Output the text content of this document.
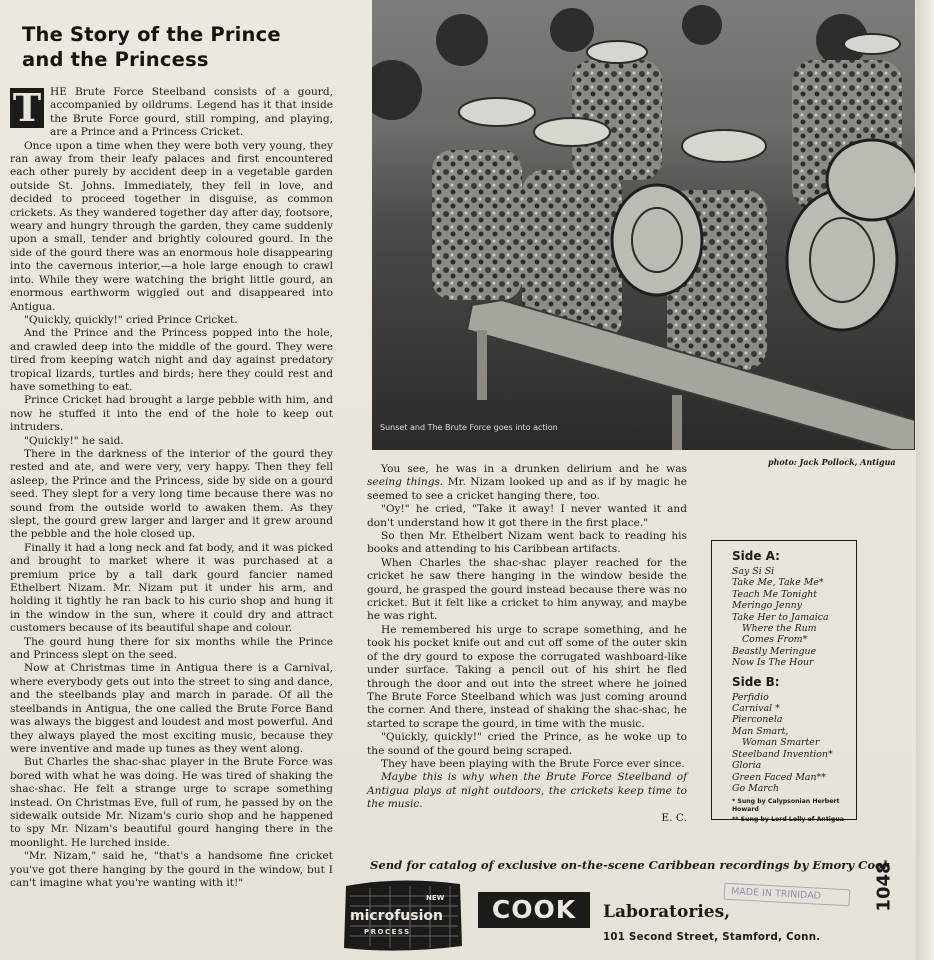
The Story of the Prince
and the Princess

T HE Brute Force Steelband consists of a gourd, accompanied by oildrums. Legend has it that inside the Brute Force gourd, still romping, and playing, are a Prince and a Princess Cricket.

Once upon a time when they were both very young, they ran away from their leafy palaces and first encountered each other purely by accident deep in a vegetable garden outside St. Johns. Immediately, they fell in love, and decided to proceed together in disguise, as common crickets. As they wandered together day after day, footsore, weary and hungry through the garden, they came suddenly upon a small, tender and brightly coloured gourd. In the side of the gourd there was an enormous hole disappearing into the cavernous interior,—a hole large enough to crawl into. While they were watching the bright little gourd, an enormous earthworm wiggled out and disappeared into Antigua.

"Quickly, quickly!" cried Prince Cricket.

And the Prince and the Princess popped into the hole, and crawled deep into the middle of the gourd. They were tired from keeping watch night and day against predatory tropical lizards, turtles and birds; here they could rest and have something to eat.

Prince Cricket had brought a large pebble with him, and now he stuffed it into the end of the hole to keep out intruders.

"Quickly!" he said.

There in the darkness of the interior of the gourd they rested and ate, and were very, very happy. Then they fell asleep, the Prince and the Princess, side by side on a gourd seed. They slept for a very long time because there was no sound from the outside world to awaken them. As they slept, the gourd grew larger and larger and it grew around the pebble and the hole closed up.

Finally it had a long neck and fat body, and it was picked and brought to market where it was purchased at a premium price by a tall dark gourd fancier named Ethelbert Nizam. Mr. Nizam put it under his arm, and holding it tightly he ran back to his curio shop and hung it in the window in the sun, where it could dry and attract customers because of its beautiful shape and colour.

The gourd hung there for six months while the Prince and Princess slept on the seed.

Now at Christmas time in Antigua there is a Carnival, where everybody gets out into the street to sing and dance, and the steelbands play and march in parade. Of all the steelbands in Antigua, the one called the Brute Force Band was always the biggest and loudest and most powerful. And they always played the most exciting music, because they were inventive and made up tunes as they went along.

But Charles the shac-shac player in the Brute Force was bored with what he was doing. He was tired of shaking the shac-shac. He felt a strange urge to scrape something instead. On Christmas Eve, full of rum, he passed by on the sidewalk outside Mr. Nizam's curio shop and he happened to spy Mr. Nizam's beautiful gourd hanging there in the moonlight. He lurched inside.

"Mr. Nizam," said he, "that's a handsome fine cricket you've got there hanging by the gourd in the window, but I can't imagine what you're wanting with it!"

Sunset and The Brute Force goes into action
photo: Jack Pollock, Antigua

You see, he was in a drunken delirium and he was seeing things. Mr. Nizam looked up and as if by magic he seemed to see a cricket hanging there, too.

"Oy!" he cried, "Take it away! I never wanted it and don't understand how it got there in the first place."

So then Mr. Ethelbert Nizam went back to reading his books and attending to his Caribbean artifacts.

When Charles the shac-shac player reached for the cricket he saw there hanging in the window beside the gourd, he grasped the gourd instead because there was no cricket. But it felt like a cricket to him anyway, and maybe he was right.

He remembered his urge to scrape something, and he took his pocket knife out and cut off some of the outer skin of the dry gourd to expose the corrugated washboard-like under surface. Taking a pencil out of his shirt he fled through the door and out into the street where he joined The Brute Force Steelband which was just coming around the corner. And there, instead of shaking the shac-shac, he started to scrape the gourd, in time with the music.

"Quickly, quickly!" cried the Prince, as he woke up to the sound of the gourd being scraped.

They have been playing with the Brute Force ever since.

Maybe this is why when the Brute Force Steelband of Antigua plays at night outdoors, the crickets keep time to the music.

E. C.

Side A:
Say Si Si
Take Me, Take Me*
Teach Me Tonight
Meringo Jenny
Take Her to Jamaica
Where the Rum
Comes From*
Beastly Meringue
Now Is The Hour
Side B:
Perfidio
Carnival *
Pierconela
Man Smart,
Woman Smarter
Steelband Invention*
Gloria
Green Faced Man**
Go March
* Sung by Calypsonian Herbert Howard
** Sung by Lord Lolly of Antigua
Send for catalog of exclusive on-the-scene Caribbean recordings by Emory Cook
NEW
microfusion
PROCESS
COOK	Laboratories,
101 Second Street, Stamford, Conn.
MADE IN TRINIDAD	1048
